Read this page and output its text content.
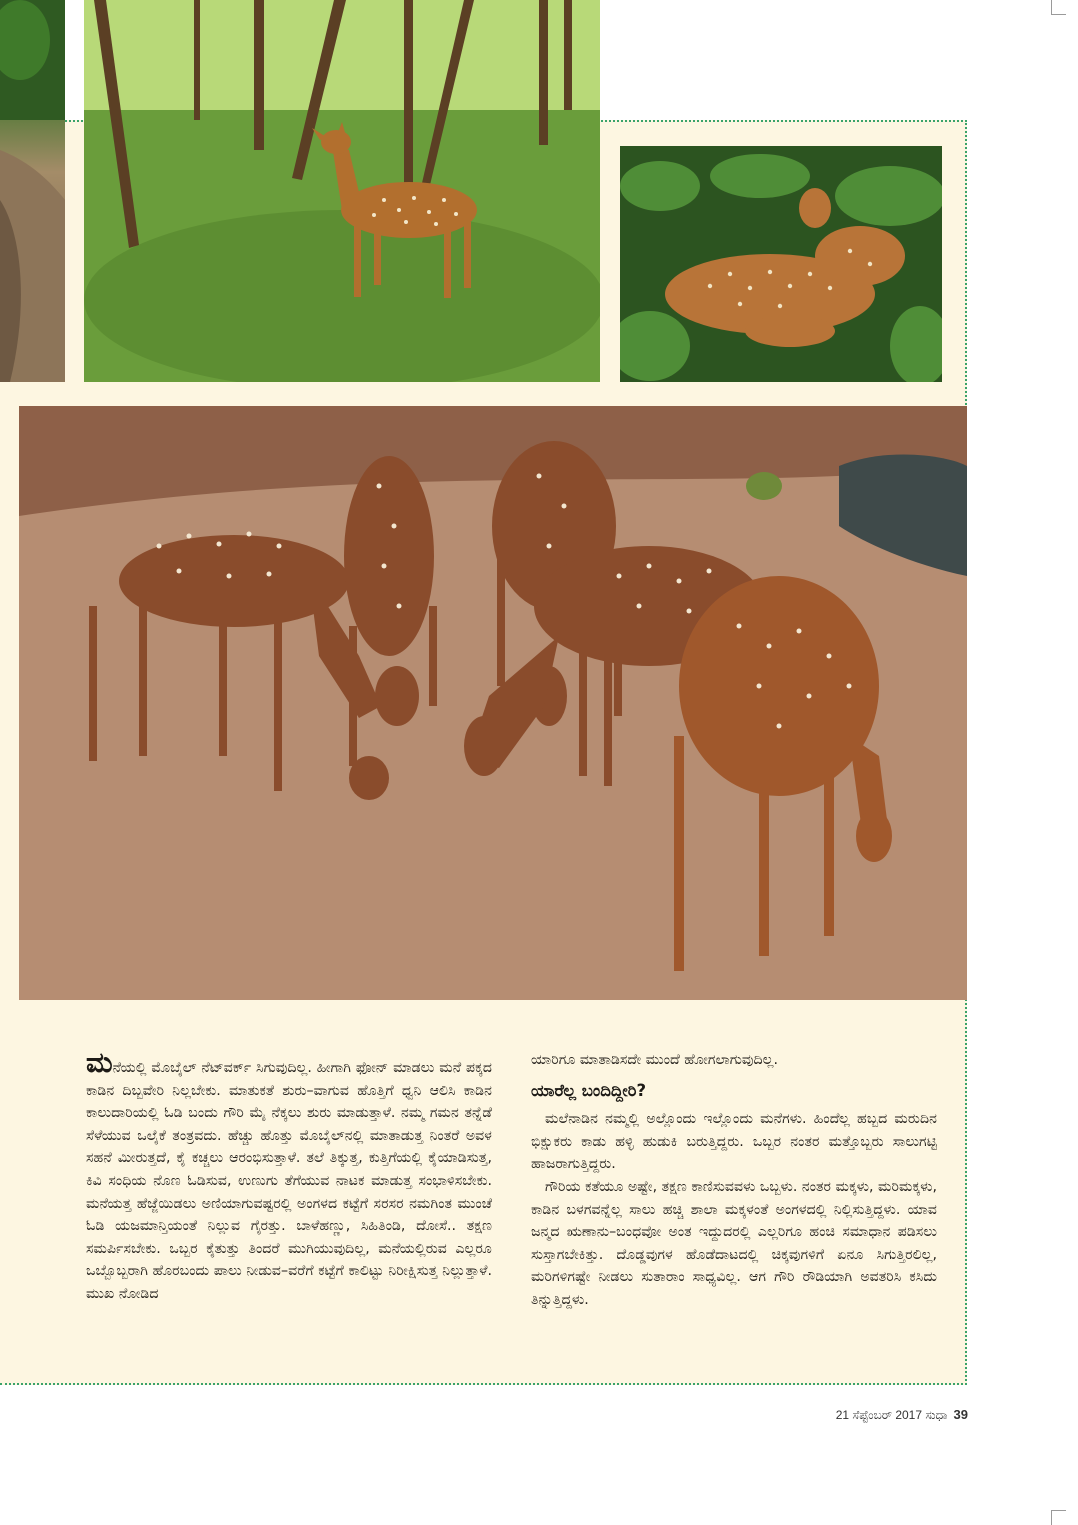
ಮನೆಯಲ್ಲಿ ಮೊಬೈಲ್ ನೆಟ್‌ವರ್ಕ್ ಸಿಗುವುದಿಲ್ಲ. ಹೀಗಾಗಿ ಫೋನ್ ಮಾಡಲು ಮನೆ ಪಕ್ಕದ ಕಾಡಿನ ದಿಬ್ಬವೇರಿ ನಿಲ್ಲಬೇಕು. ಮಾತುಕತೆ ಶುರು–ವಾಗುವ ಹೊತ್ತಿಗೆ ಧ್ವನಿ ಆಲಿಸಿ ಕಾಡಿನ ಕಾಲುದಾರಿಯಲ್ಲಿ ಓಡಿ ಬಂದು ಗೌರಿ ಮೈ ನೆಕ್ಕಲು ಶುರು ಮಾಡುತ್ತಾಳೆ. ನಮ್ಮ ಗಮನ ತನ್ನೆಡೆ ಸೆಳೆಯುವ ಒಲೈಕೆ ತಂತ್ರವದು. ಹೆಚ್ಚು ಹೊತ್ತು ಮೊಬೈಲ್‌ನಲ್ಲಿ ಮಾತಾಡುತ್ತ ನಿಂತರೆ ಅವಳ ಸಹನೆ ಮೀರುತ್ತದೆ, ಕೈ ಕಚ್ಚಲು ಆರಂಭಿಸುತ್ತಾಳೆ. ತಲೆ ತಿಕ್ಕುತ್ತ, ಕುತ್ತಿಗೆಯಲ್ಲಿ ಕೈಯಾಡಿಸುತ್ತ, ಕಿವಿ ಸಂಧಿಯ ನೊಣ ಓಡಿಸುವ, ಉಣುಗು ತೆಗೆಯುವ ನಾಟಕ ಮಾಡುತ್ತ ಸಂಭಾಳಿಸಬೇಕು. ಮನೆಯತ್ತ ಹೆಜ್ಜೆಯಿಡಲು ಅಣಿಯಾಗುವಷ್ಟರಲ್ಲಿ ಅಂಗಳದ ಕಟ್ಟೆಗೆ ಸರಸರ ನಮಗಿಂತ ಮುಂಚೆ ಓಡಿ ಯಜಮಾನ್ತಿಯಂತೆ ನಿಲ್ಲುವ ಗೈರತ್ತು. ಬಾಳೆಹಣ್ಣು, ಸಿಹಿತಿಂಡಿ, ದೋಸೆ.. ತಕ್ಷಣ ಸಮರ್ಪಿಸಬೇಕು. ಒಬ್ಬರ ಕೈತುತ್ತು ತಿಂದರೆ ಮುಗಿಯುವುದಿಲ್ಲ, ಮನೆಯಲ್ಲಿರುವ ಎಲ್ಲರೂ ಒಬ್ಬೊಬ್ಬರಾಗಿ ಹೊರಬಂದು ಪಾಲು ನೀಡುವ–ವರೆಗೆ ಕಟ್ಟೆಗೆ ಕಾಲಿಟ್ಟು ನಿರೀಕ್ಷಿಸುತ್ತ ನಿಲ್ಲುತ್ತಾಳೆ. ಮುಖ ನೋಡಿದ

ಯಾರಿಗೂ ಮಾತಾಡಿಸದೇ ಮುಂದೆ ಹೋಗಲಾಗುವುದಿಲ್ಲ.

ಯಾರೆಲ್ಲ ಬಂದಿದ್ದೀರಿ?

ಮಲೆನಾಡಿನ ನಮ್ಮಲ್ಲಿ ಅಲ್ಲೊಂದು ಇಲ್ಲೊಂದು ಮನೆಗಳು. ಹಿಂದೆಲ್ಲ ಹಬ್ಬದ ಮರುದಿನ ಭಿಕ್ಷುಕರು ಕಾಡು ಹಳ್ಳಿ ಹುಡುಕಿ ಬರುತ್ತಿದ್ದರು. ಒಬ್ಬರ ನಂತರ ಮತ್ತೊಬ್ಬರು ಸಾಲುಗಟ್ಟಿ ಹಾಜರಾಗುತ್ತಿದ್ದರು.

ಗೌರಿಯ ಕತೆಯೂ ಅಷ್ಟೇ, ತಕ್ಷಣ ಕಾಣಿಸುವವಳು ಒಬ್ಬಳು. ನಂತರ ಮಕ್ಕಳು, ಮರಿಮಕ್ಕಳು, ಕಾಡಿನ ಬಳಗವನ್ನೆಲ್ಲ ಸಾಲು ಹಚ್ಚಿ ಶಾಲಾ ಮಕ್ಕಳಂತೆ ಅಂಗಳದಲ್ಲಿ ನಿಲ್ಲಿಸುತ್ತಿದ್ದಳು. ಯಾವ ಜನ್ಮದ ಋಣಾನು–ಬಂಧವೋ ಅಂತ ಇದ್ದುದರಲ್ಲಿ ಎಲ್ಲರಿಗೂ ಹಂಚಿ ಸಮಾಧಾನ ಪಡಿಸಲು ಸುಸ್ತಾಗಬೇಕಿತ್ತು. ದೊಡ್ಡವುಗಳ ಹೊಡೆದಾಟದಲ್ಲಿ ಚಿಕ್ಕವುಗಳಿಗೆ ಏನೂ ಸಿಗುತ್ತಿರಲಿಲ್ಲ, ಮರಿಗಳಿಗಷ್ಟೇ ನೀಡಲು ಸುತಾರಾಂ ಸಾಧ್ಯವಿಲ್ಲ. ಆಗ ಗೌರಿ ರೌಡಿಯಾಗಿ ಅವತರಿಸಿ ಕಸಿದು ತಿನ್ನುತ್ತಿದ್ದಳು.

21 ಸೆಪ್ಟೆಂಬರ್ 2017 ಸುಧಾ 39
